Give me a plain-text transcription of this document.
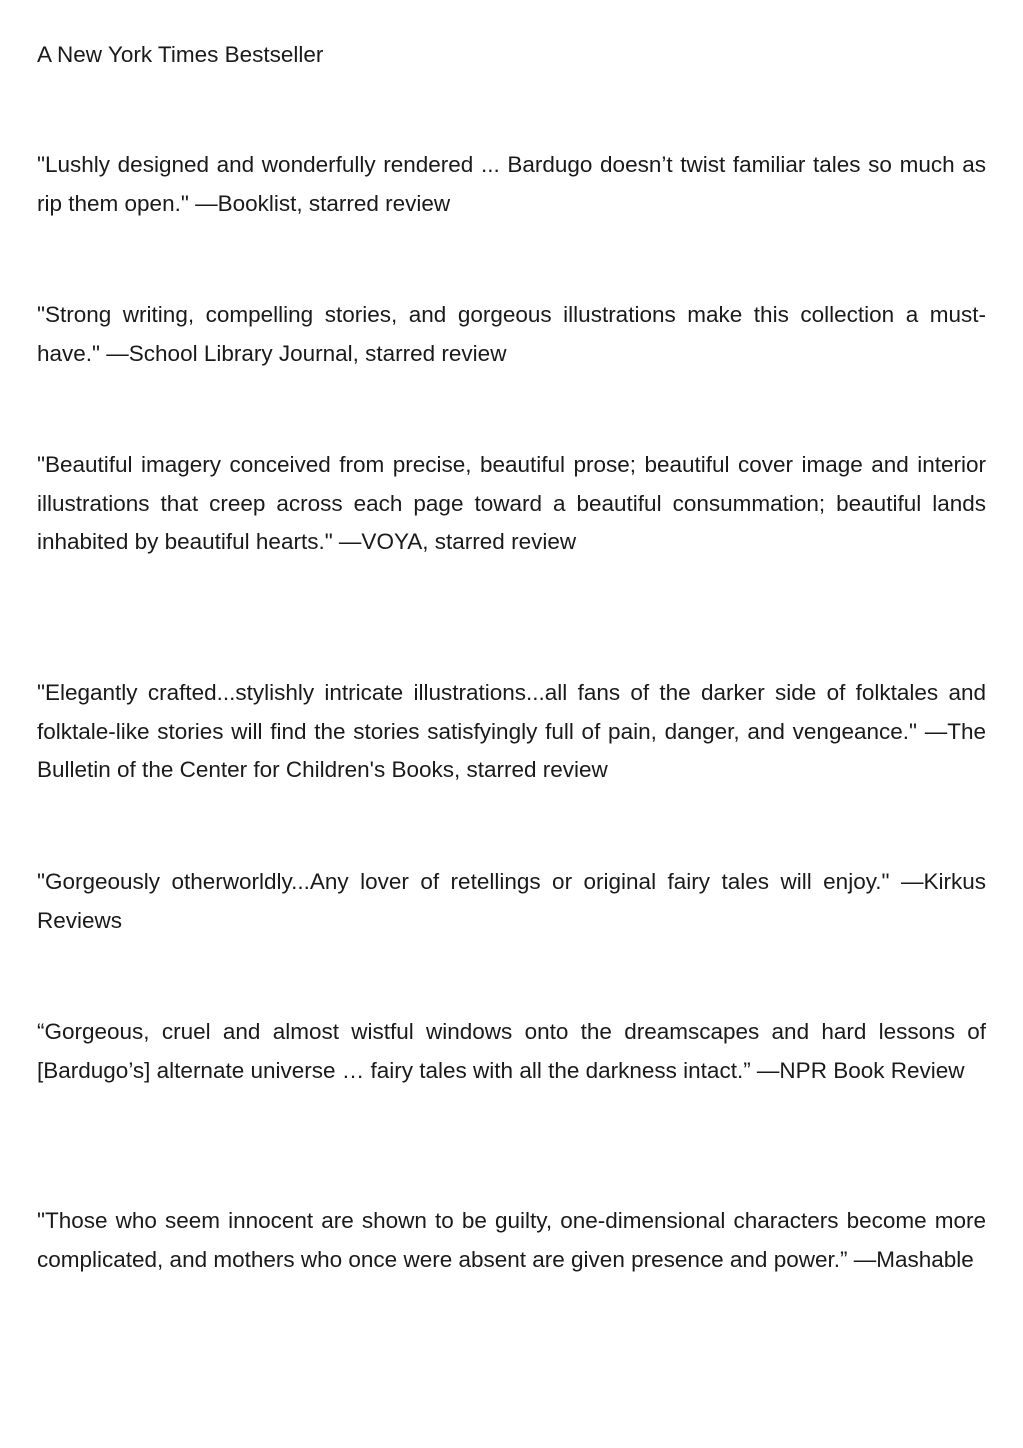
A New York Times Bestseller

"Lushly designed and wonderfully rendered ... Bardugo doesn’t twist familiar tales so much as rip them open." —Booklist, starred review

"Strong writing, compelling stories, and gorgeous illustrations make this collection a must-have." —School Library Journal, starred review

"Beautiful imagery conceived from precise, beautiful prose; beautiful cover image and interior illustrations that creep across each page toward a beautiful consummation; beautiful lands inhabited by beautiful hearts." —VOYA, starred review

"Elegantly crafted...stylishly intricate illustrations...all fans of the darker side of folktales and folktale-like stories will find the stories satisfyingly full of pain, danger, and vengeance." —The Bulletin of the Center for Children's Books, starred review

"Gorgeously otherworldly...Any lover of retellings or original fairy tales will enjoy." —Kirkus Reviews

“Gorgeous, cruel and almost wistful windows onto the dreamscapes and hard lessons of [Bardugo’s] alternate universe … fairy tales with all the darkness intact.” —NPR Book Review

"Those who seem innocent are shown to be guilty, one-dimensional characters become more complicated, and mothers who once were absent are given presence and power.” —Mashable
